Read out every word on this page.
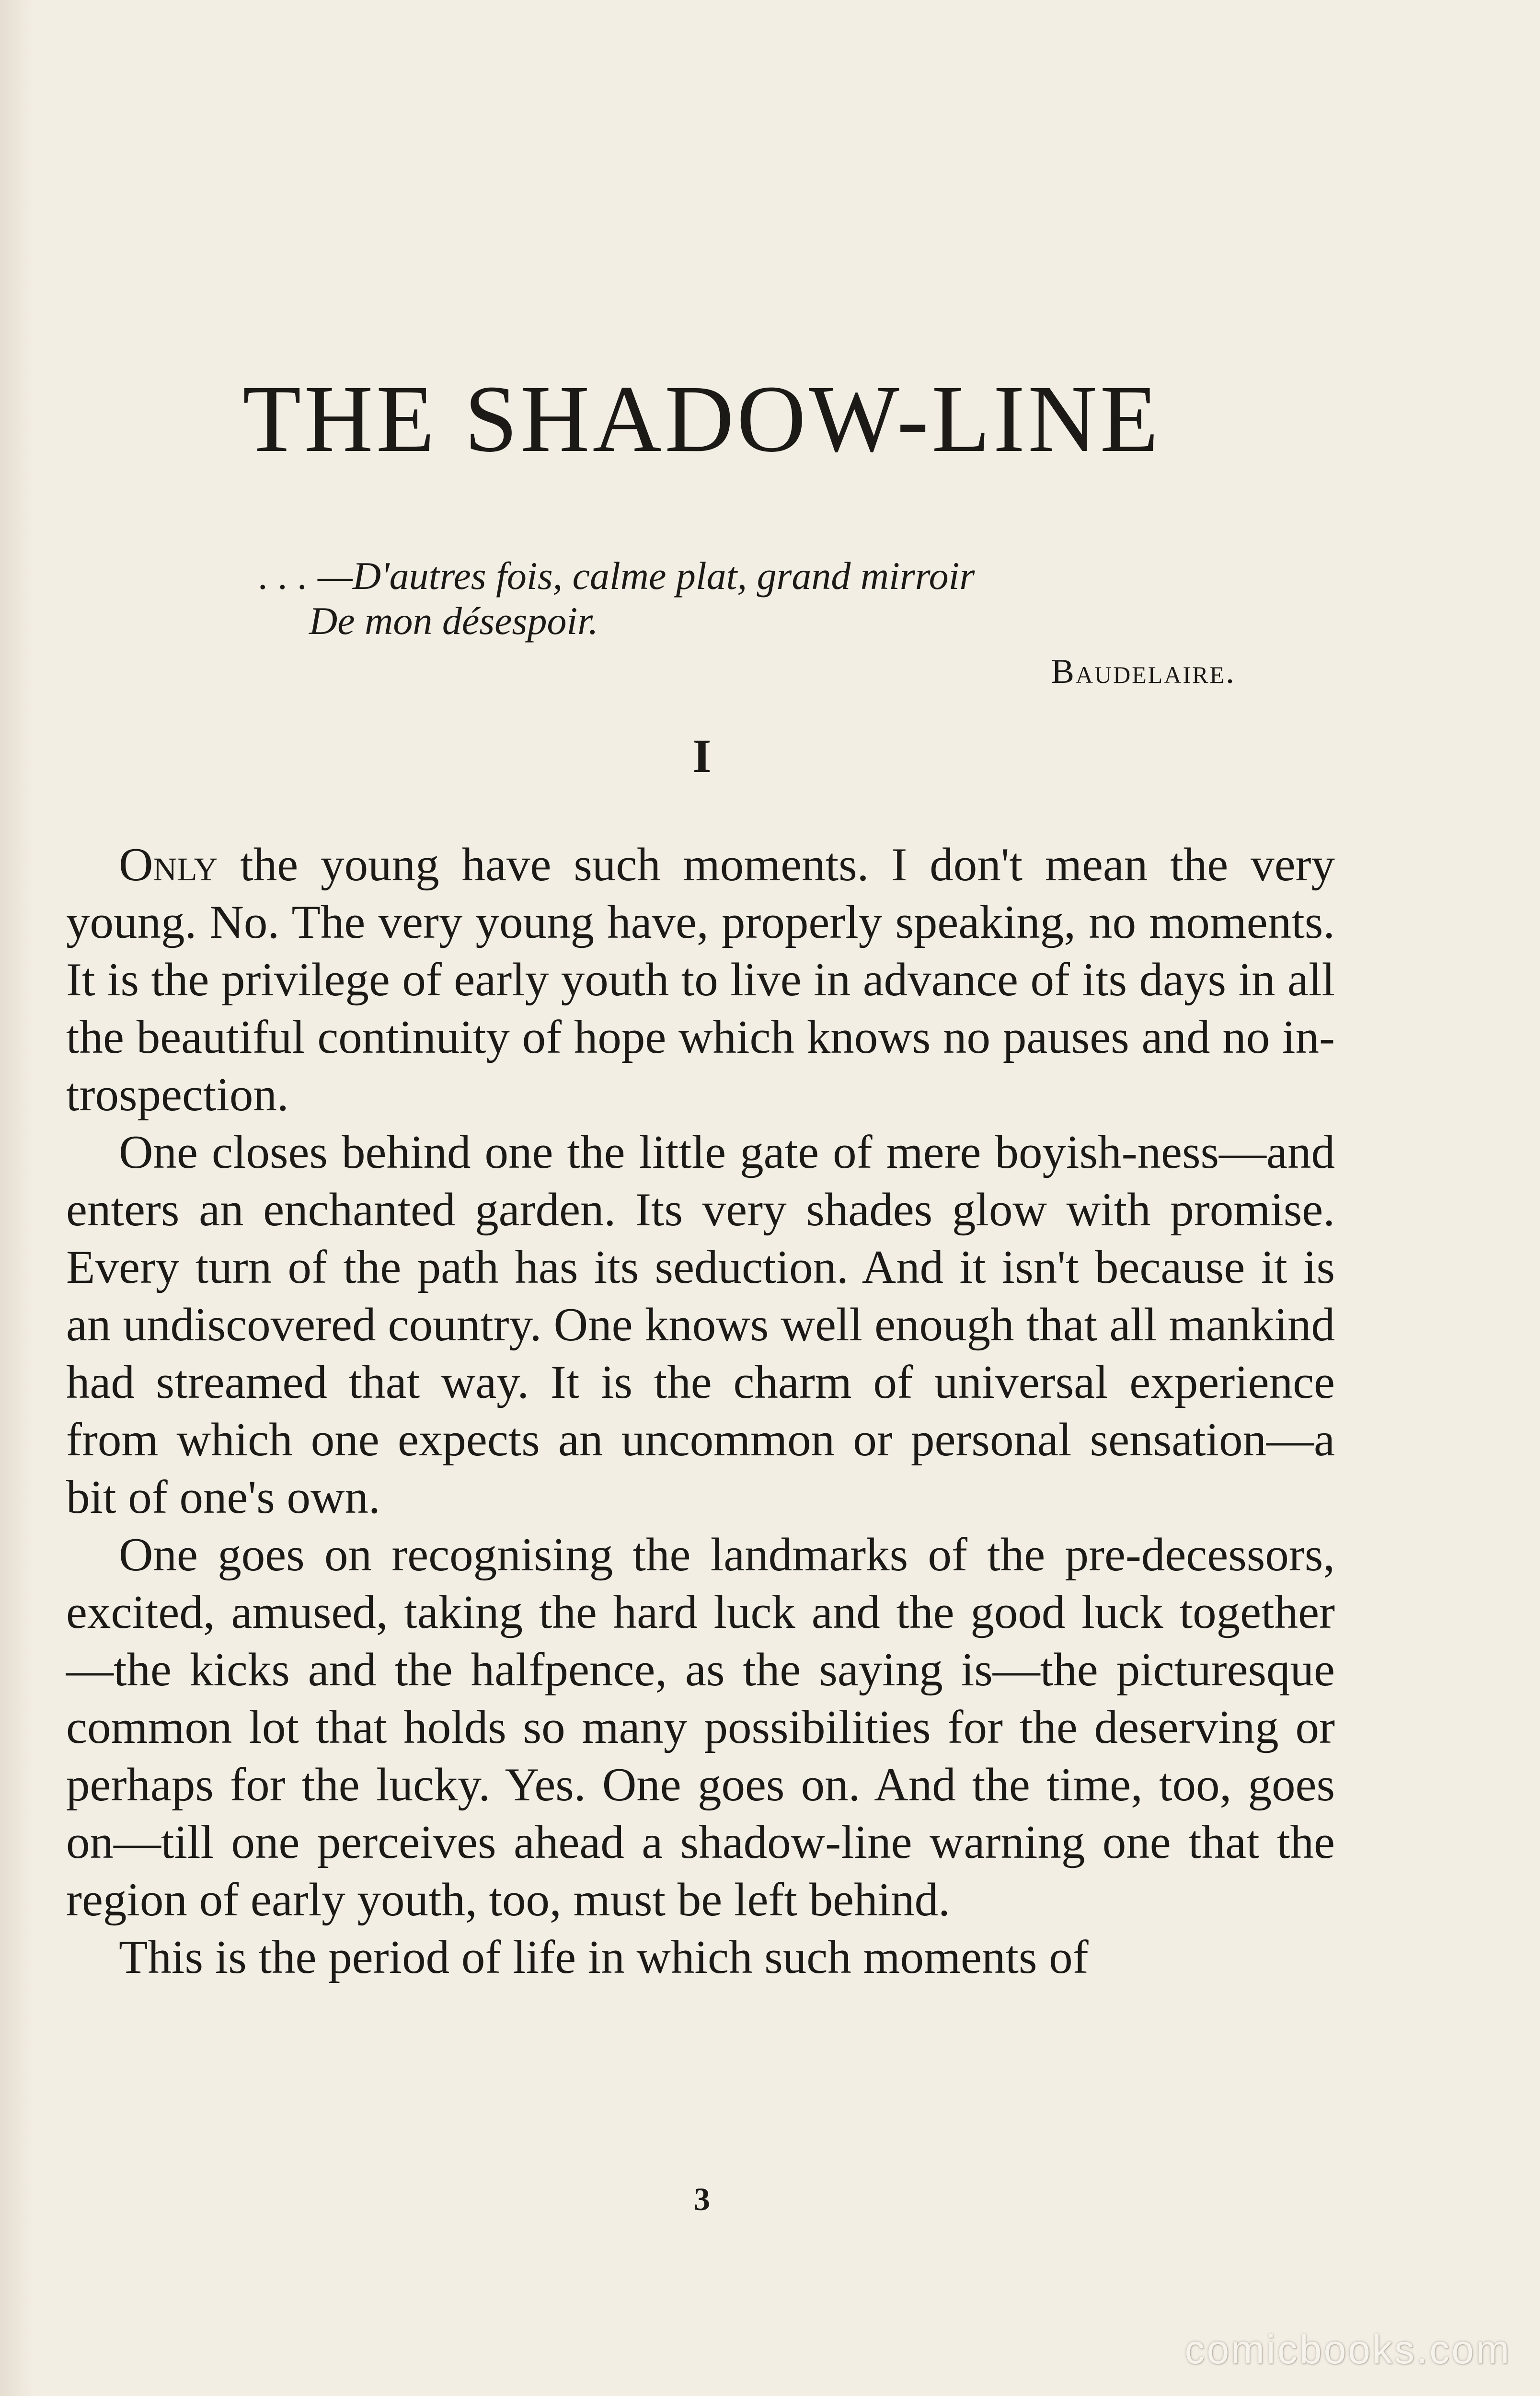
THE SHADOW-LINE
. . . —D'autres fois, calme plat, grand mirroir
De mon désespoir.
Baudelaire.
I

Only the young have such moments. I don't mean the very young. No. The very young have, properly speaking, no moments. It is the privilege of early youth to live in advance of its days in all the beautiful continuity of hope which knows no pauses and no in-trospection.

One closes behind one the little gate of mere boyish-ness—and enters an enchanted garden. Its very shades glow with promise. Every turn of the path has its seduction. And it isn't because it is an undiscovered country. One knows well enough that all mankind had streamed that way. It is the charm of universal experience from which one expects an uncommon or personal sensation—a bit of one's own.

One goes on recognising the landmarks of the pre-decessors, excited, amused, taking the hard luck and the good luck together—the kicks and the halfpence, as the saying is—the picturesque common lot that holds so many possibilities for the deserving or perhaps for the lucky. Yes. One goes on. And the time, too, goes on—till one perceives ahead a shadow-line warning one that the region of early youth, too, must be left behind.

This is the period of life in which such moments of

3
comicbooks.com
